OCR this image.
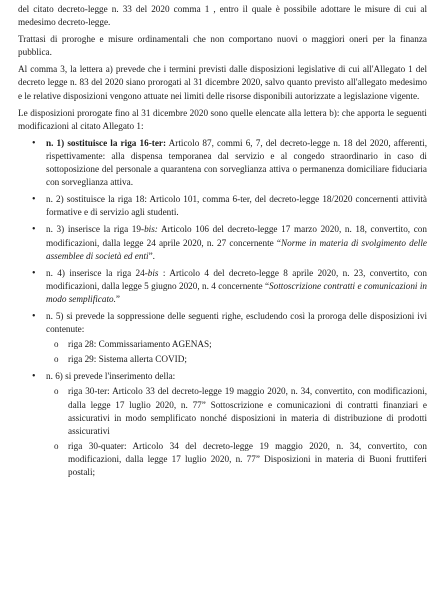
del citato decreto-legge n. 33 del 2020 comma 1 , entro il quale è possibile adottare le misure di cui al medesimo decreto-legge.

Trattasi di proroghe e misure ordinamentali che non comportano nuovi o maggiori oneri per la finanza pubblica.

Al comma 3, la lettera a) prevede che i termini previsti dalle disposizioni legislative di cui all'Allegato 1 del decreto legge n. 83 del 2020 siano prorogati al 31 dicembre 2020, salvo quanto previsto all'allegato medesimo e le relative disposizioni vengono attuate nei limiti delle risorse disponibili autorizzate a legislazione vigente.

Le disposizioni prorogate fino al 31 dicembre 2020 sono quelle elencate alla lettera b): che apporta le seguenti modificazioni al citato Allegato 1:

• n. 1) sostituisce la riga 16-ter: Articolo 87, commi 6, 7, del decreto-legge n. 18 del 2020, afferenti, rispettivamente: alla dispensa temporanea dal servizio e al congedo straordinario in caso di sottoposizione del personale a quarantena con sorveglianza attiva o permanenza domiciliare fiduciaria con sorveglianza attiva.
• n. 2) sostituisce la riga 18: Articolo 101, comma 6-ter, del decreto-legge 18/2020 concernenti attività formative e di servizio agli studenti.
• n. 3) inserisce la riga 19-bis: Articolo 106 del decreto-legge 17 marzo 2020, n. 18, convertito, con modificazioni, dalla legge 24 aprile 2020, n. 27 concernente “Norme in materia di svolgimento delle assemblee di società ed enti”.
• n. 4) inserisce la riga 24-bis : Articolo 4 del decreto-legge 8 aprile 2020, n. 23, convertito, con modificazioni, dalla legge 5 giugno 2020, n. 4 concernente “Sottoscrizione contratti e comunicazioni in modo semplificato.”
• n. 5) si prevede la soppressione delle seguenti righe, escludendo così la proroga delle disposizioni ivi contenute:
o riga 28: Commissariamento AGENAS;
o riga 29: Sistema allerta COVID;
• n. 6) si prevede l'inserimento della:
o riga 30-ter: Articolo 33 del decreto-legge 19 maggio 2020, n. 34, convertito, con modificazioni, dalla legge 17 luglio 2020, n. 77” Sottoscrizione e comunicazioni di contratti finanziari e assicurativi in modo semplificato nonché disposizioni in materia di distribuzione di prodotti assicurativi
o riga 30-quater: Articolo 34 del decreto-legge 19 maggio 2020, n. 34, convertito, con modificazioni, dalla legge 17 luglio 2020, n. 77” Disposizioni in materia di Buoni fruttiferi postali;
